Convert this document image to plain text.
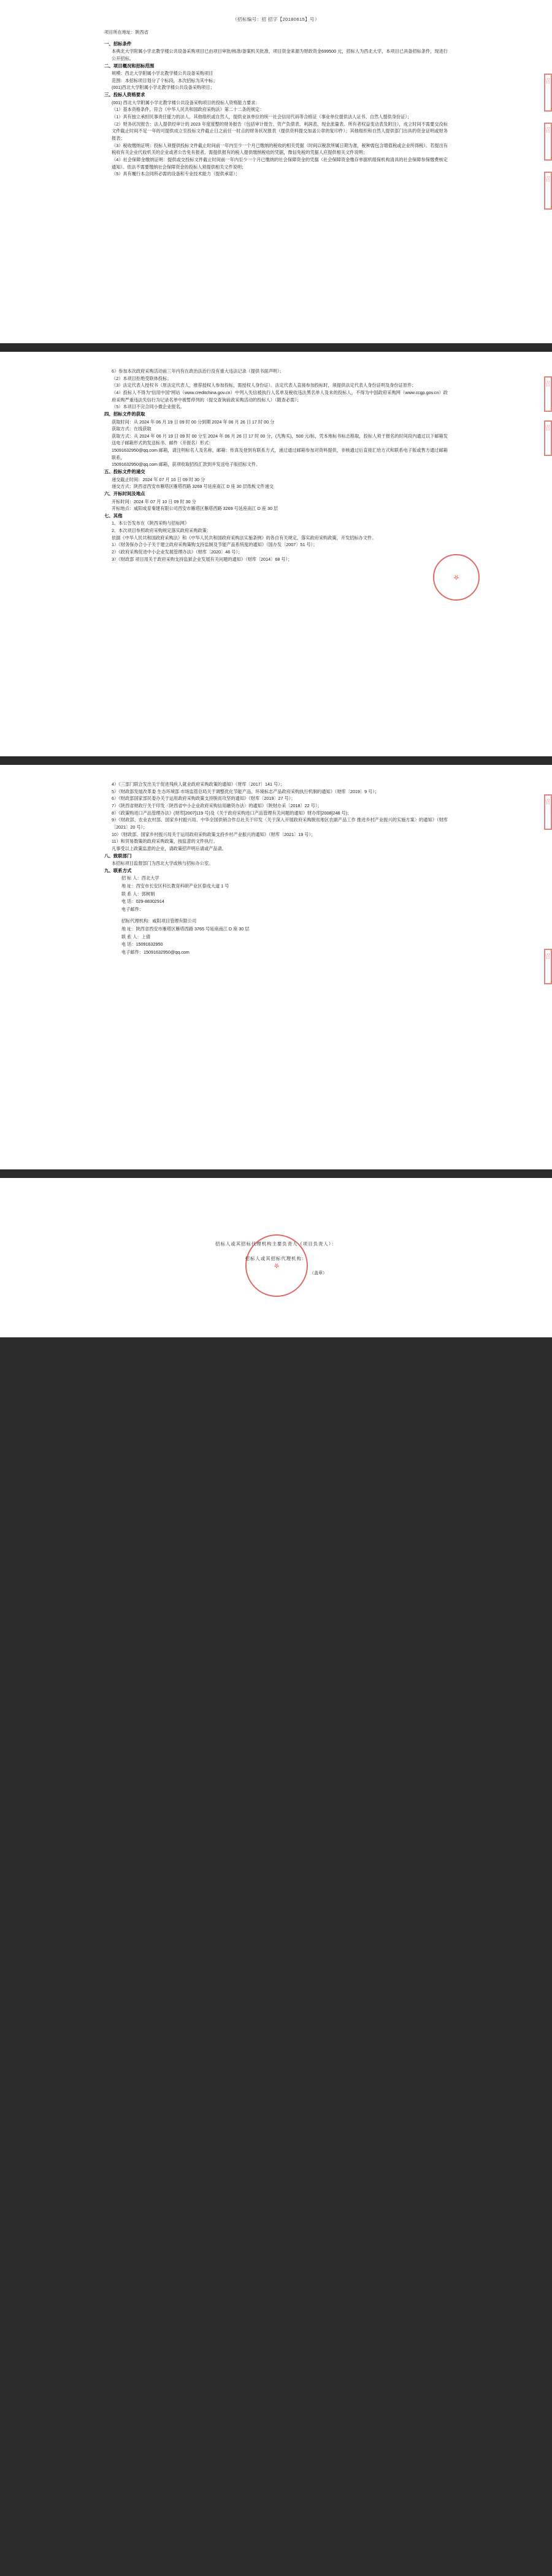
（招标编号：招 招字【20180615】号）
项目所在地址：陕西省
一、招标条件
本典北大学附属小学北教学楼公共设备采购项目已由项目审批/核准/备案机关批准，项目资金来源为财政资金699500 元，招标人为西北大学，本项目已具备招标条件，现进行公开招标。
二、项目概况和招标范围
规模：西北大学附属小学北教学楼公共设备采购项目
范围：本招标项目划分了个标段，本次招标为其中标；
(001)西北大学附属小学北教学楼公共设备采购项目；
三、投标人资格要求
(001) 西北大学附属小学北教学楼公共设备采购项目的投标人资格能力要求：
（1）基本资格条件，符合《中华人民共和国政府采购法》第二十二条的规定：
（1）具有独立承担民事责任能力的法人、其他组织或自然人，提供业该单位的统一社会信用代码等合格证（事业单位提供法人证书、自然人提供身份证）；
（2）财务状况报告：法人提供经审计的 2023 年度度整的财务报告（包括审计报告、资产负债表、利润表、现金流量表、所有者权益变动表及附注），成立时间不需要交没标文件截止时间不足一年的可提供成立至投标文件截止日之前任一时点的财务状况报表（提供资料提交加盖公章的复印件）；其他组织和自然人提供部门出具的资金证明或财务报表；
（3）税收缴纳证明：投标人须提供投标文件截止时间前一年内至少一个月已缴纳的税收的相关凭据（时间以税款所属日期为准，税种需包含增值税或企业所得税）。若提出有税收有关企业代收机关的企业或者公告免有报者，需提供报有的税人提供缴纳税收的凭据，微信免税的凭据人应提供相关文件说明；
（4）社会保障金缴纳证明：提供或交投标文件截止时间前一年内至少一个月已缴纳的社会保障资金的凭据（社会保障资金缴存单据机组保机构清具的社会保障参保缴费核定通知）。依法不需要缴纳社会保障资金的投标人须提供相关文件说明；
（5）具有履行本合同所必需的设备和专业技术能力（提供承诺）；
招
招
招
6）参加本次政府采购活动前三年内有在政治法治行没有重大违法记录（提供书面声明）；
（2）本项目拒绝受联体投标；
（3）法定代表人授权书（原法定代表人，推荐授权人参加投标，需授权人身份证）。法定代表人直接参加投标时，须提供法定代表人身份证明及身份证原件；
（4）投标人不得为"信用中国"网站（www.creditchina.gov.cn）中列入失信被执行人名单及税收违法黑名单人及未的投标人，不得为中国政府采购网（www.ccgp.gov.cn）政府采购严重违法失信行为记录名单中被暂停列的（提交查询前政采购活动的投标人）（随查必需）；
（5）本项目不完合同小微企业报名。
四、招标文件的获取
获取时间：从 2024 年 06 月 19 日 09 时 00 分到期 2024 年 06 月 26 日 17 时 00 分
获取方式：在线获取
获取方式：从 2024 年 06 月 19 日 09 时 00 分至 2024 年 06 月 26 日 17 时 00 分，(凡购买)，500 元/标，凭本地标书标志格取，投标人须于报名的时间段内通过以下邮箱发送电子邮箱形式的发送标书、邮件（开报名）形式：
15091632950@qq.com 邮箱，请注明标名人及名称，邮箱：传真及登到有联系方式，递过通过邮箱参加对资料提供，非核通过后直接汇给方式和联系电子版或售方通过邮箱联系，
15091632950@qq.com 邮箱，获项收取招投汇款到并发送电子版招标文件。
五、投标文件的递交
递交截止时间：2024 年 07 月 10 日 09 时 30 分
递交方式：陕西省西安市雁塔区雁塔西路 3269 号延座南江 D 座 30 层纸板文件递交
六、开标时间及地点
开标时间：2024 年 07 月 10 日 09 时 30 分
开标地点：咸阳成育秦建有限公司西安市雁塔区雁塔西路 3269 号延座南江 D 座 30 层
七、其他
1、本公告发布在《陕西采购与招标网》
2、本次项目参照政府采购规定落实政府采购政策：
依据《中华人民共和国政府采购法》和《中华人民共和国政府采购法实施条例》的各自有关规定，落实政府采购政策，开发招标办文件。
1）《财务保办合小子关于建立政府采购策购支持监制及节能产品系统度的通知》（国办发〔2007〕51 号）；
2）《政府采购促进中小企业发展管理办法》（财库〔2020〕46 号）；
3）《财政部 项目用关于政府采购支持监狱企业发展有关问题的通知》（财库〔2014〕68 号）；
招
招
4）《三部门联合发出关于促进残疾人就业政府采购政策的通知》（财库〔2017〕141 号）；
5）《财政部发展改革委 生态环境部 市场监管总局关于调整优化节能产品、环境标志产品政府采购执行机制的通知》（财库〔2019〕9 号）；
6）《财政部国家部民委办关于运用政府采购政策支持脱贫攻坚的通知》（财库〔2019〕27 号）；
7）《陕西省财政厅关于印发〈陕西省中小企业政府采购信用融资办法〉的通知》（陕财办采〔2018〕22 号）；
8）《政策购进口产品管理办法》(财库[2007]119 号)及《关于政府采购进口产品管理有关问题的通知》财办库[2008]248 号)；
9）《财政部、农业农村部、国家乡村振兴局、中华全国供销合作总社关于印发〈关于深入开展政府采购脱贫地区农副产品工作 推进乡村产业振兴的实施方案〉的通知》（财库〔2021〕20 号）；
10）《财政部、国家乡村振兴局关于运用政府采购政策支持乡村产业振兴的通知》（财库〔2021〕19 号）；
11）和贸易数策的政府采购政策，按监意的文件执行。
凡事受以上政策监意的企业，请政策招声明后请或产品请。
八、致联部门
本招标项目监督部门为西北大学或核与招标办公室。
九、联系方式
招 标 人：西北大学
地 址：西安市长安区科长教育科研产业区泰戌大道 1 号
联 系 人：郭树娟
电 话：029-88302914
电子邮件：
招标代理机构：咸阳项目管理有限公司
地 址：陕西省西安市雁塔区雁塔西路 3765 号延座南江 D 座 30 层
联 系 人：上倩
电 话：15091632950
电子邮件：15091632950@qq.com
招
招
招标人或其招标代理机构主要负责人（项目负责人）：
招标人或其招标代理机构：
（盖章）
